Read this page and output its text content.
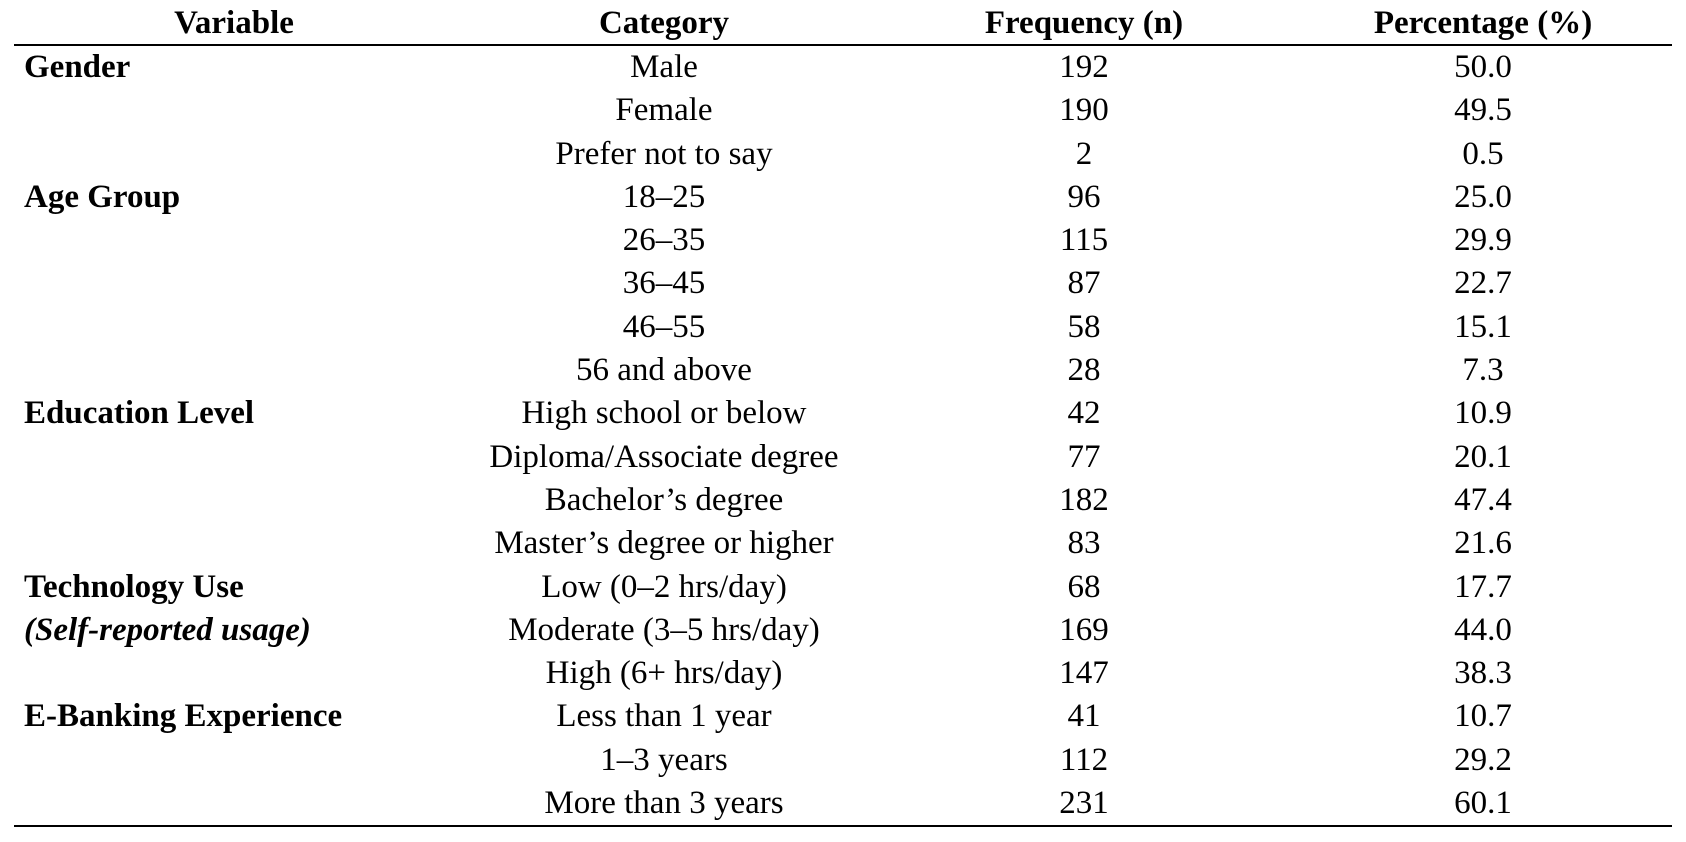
Variable	Category	Frequency (n)	Percentage (%)
Gender	Male	192	50.0
	Female	190	49.5
	Prefer not to say	2	0.5
Age Group	18–25	96	25.0
	26–35	115	29.9
	36–45	87	22.7
	46–55	58	15.1
	56 and above	28	7.3
Education Level	High school or below	42	10.9
	Diploma/Associate degree	77	20.1
	Bachelor’s degree	182	47.4
	Master’s degree or higher	83	21.6
Technology Use	Low (0–2 hrs/day)	68	17.7
(Self-reported usage)	Moderate (3–5 hrs/day)	169	44.0
	High (6+ hrs/day)	147	38.3
E-Banking Experience	Less than 1 year	41	10.7
	1–3 years	112	29.2
	More than 3 years	231	60.1
